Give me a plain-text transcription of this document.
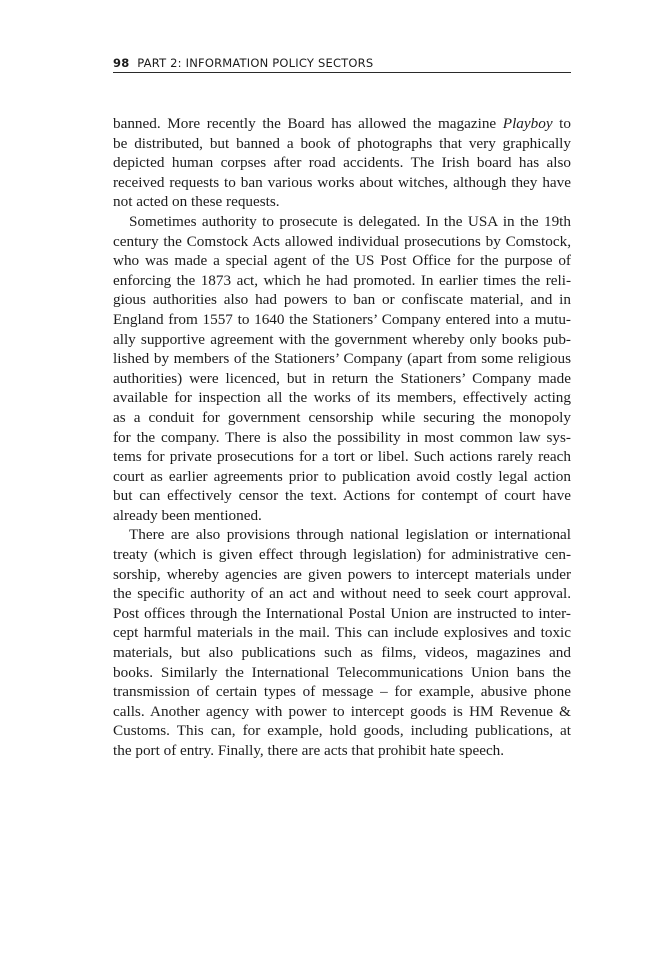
98 PART 2: INFORMATION POLICY SECTORS
banned. More recently the Board has allowed the magazine Playboy to
be distributed, but banned a book of photographs that very graphically
depicted human corpses after road accidents. The Irish board has also
received requests to ban various works about witches, although they have
not acted on these requests.
Sometimes authority to prosecute is delegated. In the USA in the 19th
century the Comstock Acts allowed individual prosecutions by Comstock,
who was made a special agent of the US Post Office for the purpose of
enforcing the 1873 act, which he had promoted. In earlier times the reli-
gious authorities also had powers to ban or confiscate material, and in
England from 1557 to 1640 the Stationers’ Company entered into a mutu-
ally supportive agreement with the government whereby only books pub-
lished by members of the Stationers’ Company (apart from some religious
authorities) were licenced, but in return the Stationers’ Company made
available for inspection all the works of its members, effectively acting
as a conduit for government censorship while securing the monopoly
for the company. There is also the possibility in most common law sys-
tems for private prosecutions for a tort or libel. Such actions rarely reach
court as earlier agreements prior to publication avoid costly legal action
but can effectively censor the text. Actions for contempt of court have
already been mentioned.
There are also provisions through national legislation or international
treaty (which is given effect through legislation) for administrative cen-
sorship, whereby agencies are given powers to intercept materials under
the specific authority of an act and without need to seek court approval.
Post offices through the International Postal Union are instructed to inter-
cept harmful materials in the mail. This can include explosives and toxic
materials, but also publications such as films, videos, magazines and
books. Similarly the International Telecommunications Union bans the
transmission of certain types of message – for example, abusive phone
calls. Another agency with power to intercept goods is HM Revenue &
Customs. This can, for example, hold goods, including publications, at
the port of entry. Finally, there are acts that prohibit hate speech.
